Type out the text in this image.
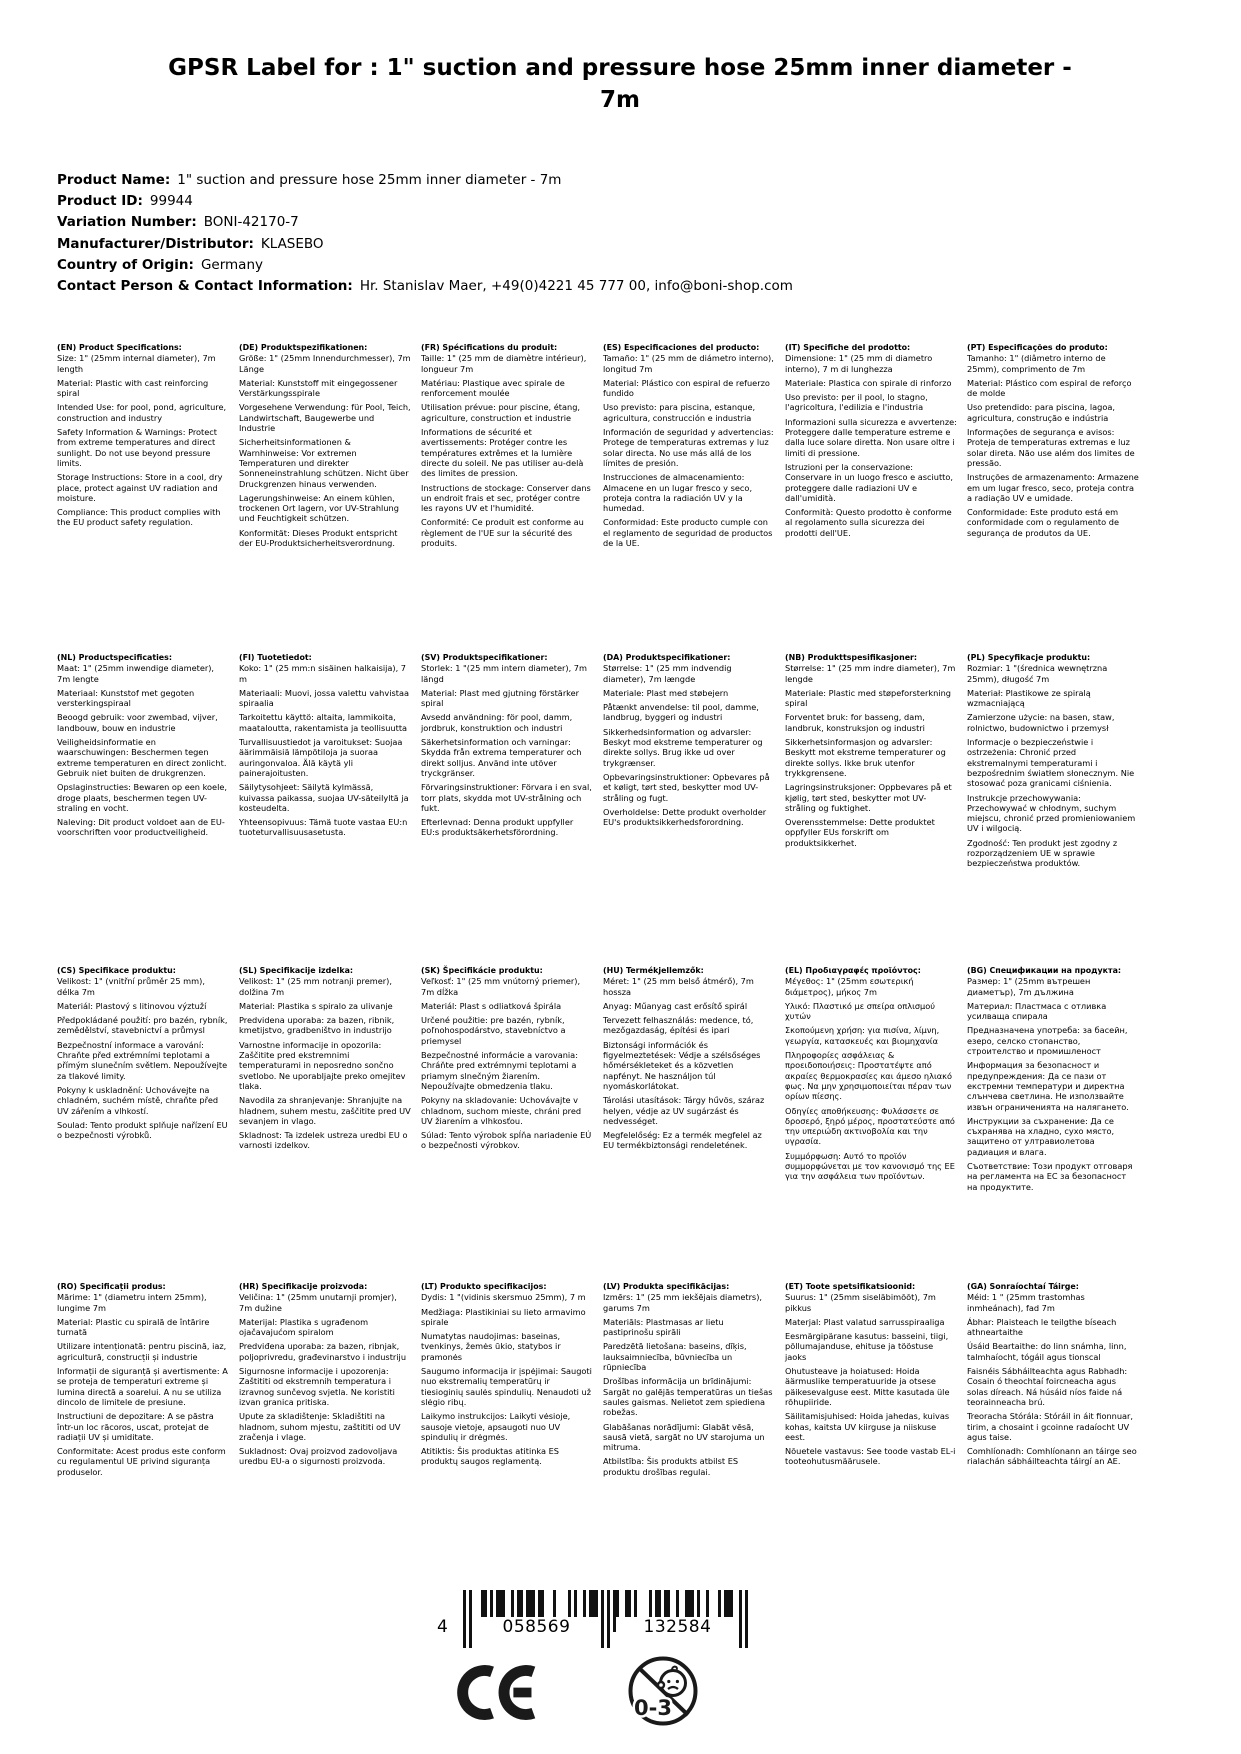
GPSR Label for : 1" suction and pressure hose 25mm inner diameter - 7m
Product Name: 1" suction and pressure hose 25mm inner diameter - 7m
Product ID: 99944
Variation Number: BONI-42170-7
Manufacturer/Distributor: KLASEBO
Country of Origin: Germany
Contact Person & Contact Information: Hr. Stanislav Maer, +49(0)4221 45 777 00, info@boni-shop.com
(EN) Product Specifications:

Size: 1" (25mm internal diameter), 7m length

Material: Plastic with cast reinforcing spiral

Intended Use: for pool, pond, agriculture, construction and industry

Safety Information & Warnings: Protect from extreme temperatures and direct sunlight. Do not use beyond pressure limits.

Storage Instructions: Store in a cool, dry place, protect against UV radiation and moisture.

Compliance: This product complies with the EU product safety regulation.

(DE) Produktspezifikationen:

Größe: 1" (25mm Innendurchmesser), 7m Länge

Material: Kunststoff mit eingegossener Verstärkungsspirale

Vorgesehene Verwendung: für Pool, Teich, Landwirtschaft, Baugewerbe und Industrie

Sicherheitsinformationen & Warnhinweise: Vor extremen Temperaturen und direkter Sonneneinstrahlung schützen. Nicht über Druckgrenzen hinaus verwenden.

Lagerungshinweise: An einem kühlen, trockenen Ort lagern, vor UV-Strahlung und Feuchtigkeit schützen.

Konformität: Dieses Produkt entspricht der EU-Produktsicherheitsverordnung.

(FR) Spécifications du produit:

Taille: 1" (25 mm de diamètre intérieur), longueur 7m

Matériau: Plastique avec spirale de renforcement moulée

Utilisation prévue: pour piscine, étang, agriculture, construction et industrie

Informations de sécurité et avertissements: Protéger contre les températures extrêmes et la lumière directe du soleil. Ne pas utiliser au-delà des limites de pression.

Instructions de stockage: Conserver dans un endroit frais et sec, protéger contre les rayons UV et l'humidité.

Conformité: Ce produit est conforme au règlement de l'UE sur la sécurité des produits.

(ES) Especificaciones del producto:

Tamaño: 1" (25 mm de diámetro interno), longitud 7m

Material: Plástico con espiral de refuerzo fundido

Uso previsto: para piscina, estanque, agricultura, construcción e industria

Información de seguridad y advertencias: Protege de temperaturas extremas y luz solar directa. No use más allá de los límites de presión.

Instrucciones de almacenamiento: Almacene en un lugar fresco y seco, proteja contra la radiación UV y la humedad.

Conformidad: Este producto cumple con el reglamento de seguridad de productos de la UE.

(IT) Specifiche del prodotto:

Dimensione: 1" (25 mm di diametro interno), 7 m di lunghezza

Materiale: Plastica con spirale di rinforzo

Uso previsto: per il pool, lo stagno, l'agricoltura, l'edilizia e l'industria

Informazioni sulla sicurezza e avvertenze: Proteggere dalle temperature estreme e dalla luce solare diretta. Non usare oltre i limiti di pressione.

Istruzioni per la conservazione: Conservare in un luogo fresco e asciutto, proteggere dalle radiazioni UV e dall'umidità.

Conformità: Questo prodotto è conforme al regolamento sulla sicurezza dei prodotti dell'UE.

(PT) Especificações do produto:

Tamanho: 1" (diâmetro interno de 25mm), comprimento de 7m

Material: Plástico com espiral de reforço de molde

Uso pretendido: para piscina, lagoa, agricultura, construção e indústria

Informações de segurança e avisos: Proteja de temperaturas extremas e luz solar direta. Não use além dos limites de pressão.

Instruções de armazenamento: Armazene em um lugar fresco, seco, proteja contra a radiação UV e umidade.

Conformidade: Este produto está em conformidade com o regulamento de segurança de produtos da UE.

(NL) Productspecificaties:

Maat: 1" (25mm inwendige diameter), 7m lengte

Materiaal: Kunststof met gegoten versterkingspiraal

Beoogd gebruik: voor zwembad, vijver, landbouw, bouw en industrie

Veiligheidsinformatie en waarschuwingen: Beschermen tegen extreme temperaturen en direct zonlicht. Gebruik niet buiten de drukgrenzen.

Opslaginstructies: Bewaren op een koele, droge plaats, beschermen tegen UV-straling en vocht.

Naleving: Dit product voldoet aan de EU-voorschriften voor productveiligheid.

(FI) Tuotetiedot:

Koko: 1" (25 mm:n sisäinen halkaisija), 7 m

Materiaali: Muovi, jossa valettu vahvistaa spiraalia

Tarkoitettu käyttö: altaita, lammikoita, maataloutta, rakentamista ja teollisuutta

Turvallisuustiedot ja varoitukset: Suojaa äärimmäisiä lämpötiloja ja suoraa auringonvaloa. Älä käytä yli painerajoitusten.

Säilytysohjeet: Säilytä kylmässä, kuivassa paikassa, suojaa UV-säteilyltä ja kosteudelta.

Yhteensopivuus: Tämä tuote vastaa EU:n tuoteturvallisuusasetusta.

(SV) Produktspecifikationer:

Storlek: 1 "(25 mm intern diameter), 7m längd

Material: Plast med gjutning förstärker spiral

Avsedd användning: för pool, damm, jordbruk, konstruktion och industri

Säkerhetsinformation och varningar: Skydda från extrema temperaturer och direkt solljus. Använd inte utöver tryckgränser.

Förvaringsinstruktioner: Förvara i en sval, torr plats, skydda mot UV-strålning och fukt.

Efterlevnad: Denna produkt uppfyller EU:s produktsäkerhetsförordning.

(DA) Produktspecifikationer:

Størrelse: 1" (25 mm indvendig diameter), 7m længde

Materiale: Plast med støbejern

Påtænkt anvendelse: til pool, damme, landbrug, byggeri og industri

Sikkerhedsinformation og advarsler: Beskyt mod ekstreme temperaturer og direkte sollys. Brug ikke ud over trykgrænser.

Opbevaringsinstruktioner: Opbevares på et køligt, tørt sted, beskytter mod UV-stråling og fugt.

Overholdelse: Dette produkt overholder EU's produktsikkerhedsforordning.

(NB) Produkttspesifikasjoner:

Størrelse: 1" (25 mm indre diameter), 7m lengde

Materiale: Plastic med støpeforsterkning spiral

Forventet bruk: for basseng, dam, landbruk, konstruksjon og industri

Sikkerhetsinformasjon og advarsler: Beskytt mot ekstreme temperaturer og direkte sollys. Ikke bruk utenfor trykkgrensene.

Lagringsinstruksjoner: Oppbevares på et kjølig, tørt sted, beskytter mot UV-stråling og fuktighet.

Overensstemmelse: Dette produktet oppfyller EUs forskrift om produktsikkerhet.

(PL) Specyfikacje produktu:

Rozmiar: 1 "(średnica wewnętrzna 25mm), długość 7m

Materiał: Plastikowe ze spiralą wzmacniającą

Zamierzone użycie: na basen, staw, rolnictwo, budownictwo i przemysł

Informacje o bezpieczeństwie i ostrzeżenia: Chronić przed ekstremalnymi temperaturami i bezpośrednim światłem słonecznym. Nie stosować poza granicami ciśnienia.

Instrukcje przechowywania: Przechowywać w chłodnym, suchym miejscu, chronić przed promieniowaniem UV i wilgocią.

Zgodność: Ten produkt jest zgodny z rozporządzeniem UE w sprawie bezpieczeństwa produktów.

(CS) Specifikace produktu:

Velikost: 1" (vnitřní průměr 25 mm), délka 7m

Materiál: Plastový s litinovou výztuží

Předpokládané použití: pro bazén, rybník, zemědělství, stavebnictví a průmysl

Bezpečnostní informace a varování: Chraňte před extrémními teplotami a přímým slunečním světlem. Nepoužívejte za tlakové limity.

Pokyny k uskladnění: Uchovávejte na chladném, suchém místě, chraňte před UV zářením a vlhkostí.

Soulad: Tento produkt splňuje nařízení EU o bezpečnosti výrobků.

(SL) Specifikacije izdelka:

Velikost: 1" (25 mm notranji premer), dolžina 7m

Material: Plastika s spiralo za ulivanje

Predvidena uporaba: za bazen, ribnik, kmetijstvo, gradbeništvo in industrijo

Varnostne informacije in opozorila: Zaščitite pred ekstremnimi temperaturami in neposredno sončno svetlobo. Ne uporabljajte preko omejitev tlaka.

Navodila za shranjevanje: Shranjujte na hladnem, suhem mestu, zaščitite pred UV sevanjem in vlago.

Skladnost: Ta izdelek ustreza uredbi EU o varnosti izdelkov.

(SK) Špecifikácie produktu:

Veľkosť: 1" (25 mm vnútorný priemer), 7m dĺžka

Materiál: Plast s odliatková špirála

Určené použitie: pre bazén, rybník, poľnohospodárstvo, stavebníctvo a priemysel

Bezpečnostné informácie a varovania: Chráňte pred extrémnymi teplotami a priamym slnečným žiarením. Nepoužívajte obmedzenia tlaku.

Pokyny na skladovanie: Uchovávajte v chladnom, suchom mieste, chráni pred UV žiarením a vlhkosťou.

Súlad: Tento výrobok spĺňa nariadenie EÚ o bezpečnosti výrobkov.

(HU) Termékjellemzők:

Méret: 1" (25 mm belső átmérő), 7m hossza

Anyag: Műanyag cast erősítő spirál

Tervezett felhasználás: medence, tó, mezőgazdaság, építési és ipari

Biztonsági információk és figyelmeztetések: Védje a szélsőséges hőmérsékleteket és a közvetlen napfényt. Ne használjon túl nyomáskorlátokat.

Tárolási utasítások: Tárgy hűvös, száraz helyen, védje az UV sugárzást és nedvességet.

Megfelelőség: Ez a termék megfelel az EU termékbiztonsági rendeletének.

(EL) Προδιαγραφές προϊόντος:

Μέγεθος: 1" (25mm εσωτερική διάμετρος), μήκος 7m

Υλικό: Πλαστικό με σπείρα οπλισμού χυτών

Σκοπούμενη χρήση: για πισίνα, λίμνη, γεωργία, κατασκευές και βιομηχανία

Πληροφορίες ασφάλειας & προειδοποιήσεις: Προστατέψτε από ακραίες θερμοκρασίες και άμεσο ηλιακό φως. Να μην χρησιμοποιείται πέραν των ορίων πίεσης.

Οδηγίες αποθήκευσης: Φυλάσσετε σε δροσερό, ξηρό μέρος, προστατεύστε από την υπεριώδη ακτινοβολία και την υγρασία.

Συμμόρφωση: Αυτό το προϊόν συμμορφώνεται με τον κανονισμό της ΕΕ για την ασφάλεια των προϊόντων.

(BG) Спецификации на продукта:

Размер: 1" (25mm вътрешен диаметър), 7m дължина

Материал: Пластмаса с отливка усилваща спирала

Предназначена употреба: за басейн, езеро, селско стопанство, строителство и промишленост

Информация за безопасност и предупреждения: Да се пази от екстремни температури и директна слънчева светлина. Не използвайте извън ограниченията на налягането.

Инструкции за съхранение: Да се съхранява на хладно, сухо място, защитено от ултравиолетова радиация и влага.

Съответствие: Този продукт отговаря на регламента на ЕС за безопасност на продуктите.

(RO) Specificații produs:

Mărime: 1" (diametru intern 25mm), lungime 7m

Material: Plastic cu spirală de întărire turnată

Utilizare intenționată: pentru piscină, iaz, agricultură, construcții și industrie

Informații de siguranță și avertismente: A se proteja de temperaturi extreme și lumina directă a soarelui. A nu se utiliza dincolo de limitele de presiune.

Instructiuni de depozitare: A se păstra într-un loc răcoros, uscat, protejat de radiații UV și umiditate.

Conformitate: Acest produs este conform cu regulamentul UE privind siguranța produselor.

(HR) Specifikacije proizvoda:

Veličina: 1" (25mm unutarnji promjer), 7m dužine

Materijal: Plastika s ugrađenom ojačavajućom spiralom

Predviđena uporaba: za bazen, ribnjak, poljoprivredu, građevinarstvo i industriju

Sigurnosne informacije i upozorenja: Zaštititi od ekstremnih temperatura i izravnog sunčevog svjetla. Ne koristiti izvan granica pritiska.

Upute za skladištenje: Skladištiti na hladnom, suhom mjestu, zaštititi od UV zračenja i vlage.

Sukladnost: Ovaj proizvod zadovoljava uredbu EU-a o sigurnosti proizvoda.

(LT) Produkto specifikacijos:

Dydis: 1 "(vidinis skersmuo 25mm), 7 m

Medžiaga: Plastikiniai su lieto armavimo spirale

Numatytas naudojimas: baseinas, tvenkinys, žemės ūkio, statybos ir pramonės

Saugumo informacija ir įspėjimai: Saugoti nuo ekstremalių temperatūrų ir tiesioginių saulės spindulių. Nenaudoti už slėgio ribų.

Laikymo instrukcijos: Laikyti vėsioje, sausoje vietoje, apsaugoti nuo UV spindulių ir drėgmės.

Atitiktis: Šis produktas atitinka ES produktų saugos reglamentą.

(LV) Produkta specifikācijas:

Izmērs: 1" (25 mm iekšējais diametrs), garums 7m

Materiāls: Plastmasas ar lietu pastiprinošu spirāli

Paredzētā lietošana: baseins, dīķis, lauksaimniecība, būvniecība un rūpniecība

Drošības informācija un brīdinājumi: Sargāt no galējās temperatūras un tiešas saules gaismas. Nelietot zem spiediena robežas.

Glabāšanas norādījumi: Glabāt vēsā, sausā vietā, sargāt no UV starojuma un mitruma.

Atbilstība: Šis produkts atbilst ES produktu drošības regulai.

(ET) Toote spetsifikatsioonid:

Suurus: 1" (25mm siseläbimõõt), 7m pikkus

Materjal: Plast valatud sarrusspiraaliga

Eesmärgipärane kasutus: basseini, tiigi, põllumajanduse, ehituse ja tööstuse jaoks

Ohutusteave ja hoiatused: Hoida äärmuslike temperatuuride ja otsese päikesevalguse eest. Mitte kasutada üle rõhupiiride.

Säilitamisjuhised: Hoida jahedas, kuivas kohas, kaitsta UV kiirguse ja niiskuse eest.

Nõuetele vastavus: See toode vastab EL-i tooteohutusmäärusele.

(GA) Sonraíochtaí Táirge:

Méid: 1 " (25mm trastomhas inmheánach), fad 7m

Ábhar: Plaisteach le teilgthe bíseach athneartaithe

Úsáid Beartaithe: do linn snámha, linn, talmhaíocht, tógáil agus tionscal

Faisnéis Sábháilteachta agus Rabhadh: Cosain ó theochtaí foircneacha agus solas díreach. Ná húsáid níos faide ná teorainneacha brú.

Treoracha Stórála: Stóráil in áit fionnuar, tirim, a chosaint i gcoinne radaíocht UV agus taise.

Comhlíonadh: Comhlíonann an táirge seo rialachán sábháilteachta táirgí an AE.

4	058569	132584
0-3
